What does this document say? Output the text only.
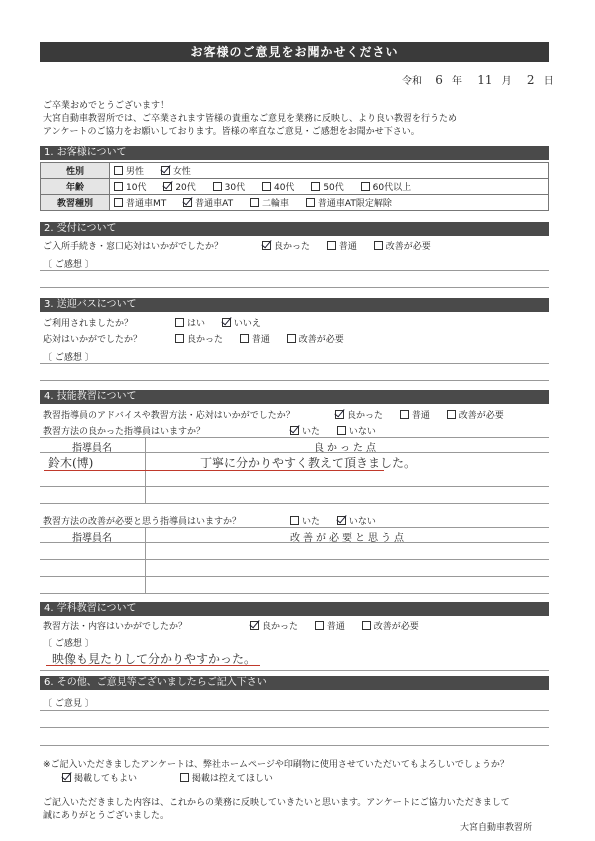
お客様のご意見をお聞かせください
令和 6 年 11 月 2 日
ご卒業おめでとうございます！
大宮自動車教習所では、ご卒業されます皆様の貴重なご意見を業務に反映し、より良い教習を行うため
アンケートのご協力をお願いしております。皆様の率直なご意見・ご感想をお聞かせ下さい。
1. お客様について
性別	男性 女性
年齢	10代 20代 30代 40代 50代 60代以上
教習種別	普通車MT 普通車AT 二輪車 普通車AT限定解除
2. 受付について
ご入所手続き・窓口応対はいかがでしたか？	良かった	普通	改善が必要
〔 ご感想 〕
3. 送迎バスについて
ご利用されましたか？	はい	いいえ
応対はいかがでしたか？	良かった	普通	改善が必要
〔 ご感想 〕
4. 技能教習について
教習指導員のアドバイスや教習方法・応対はいかがでしたか？	良かった	普通	改善が必要
教習方法の良かった指導員はいますか？	いた	いない
指導員名	良かった点
鈴木(博)	丁寧に分かりやすく教えて頂きました。
教習方法の改善が必要と思う指導員はいますか？	いた	いない
指導員名	改善が必要と思う点
4. 学科教習について
教習方法・内容はいかがでしたか？	良かった	普通	改善が必要
〔 ご感想 〕
映像も見たりして分かりやすかった。
6. その他、ご意見等ございましたらご記入下さい
〔 ご意見 〕
※ご記入いただきましたアンケートは、弊社ホームページや印刷物に使用させていただいてもよろしいでしょうか？
掲載してもよい	掲載は控えてほしい
ご記入いただきました内容は、これからの業務に反映していきたいと思います。アンケートにご協力いただきまして
誠にありがとうございました。
大宮自動車教習所
